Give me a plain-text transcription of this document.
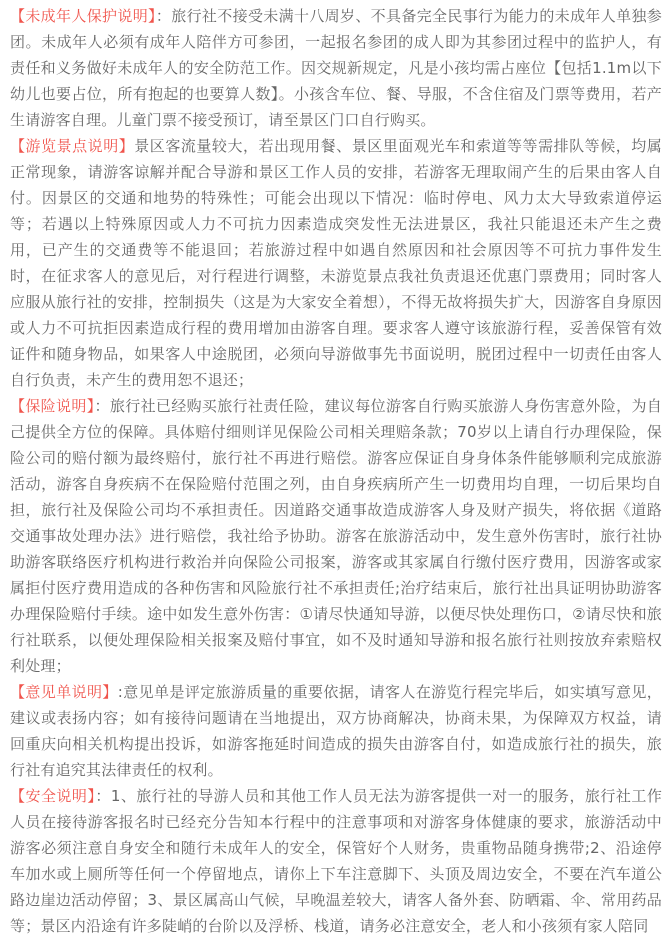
【未成年人保护说明】：旅行社不接受未满十八周岁、不具备完全民事行为能力的未成年人单独参团。未成年人必须有成年人陪伴方可参团，一起报名参团的成人即为其参团过程中的监护人，有责任和义务做好未成年人的安全防范工作。因交规新规定，凡是小孩均需占座位【包括1.1m以下幼儿也要占位，所有抱起的也要算人数】。小孩含车位、餐、导服，不含住宿及门票等费用，若产生请游客自理。儿童门票不接受预订，请至景区门口自行购买。

【游览景点说明】景区客流量较大，若出现用餐、景区里面观光车和索道等等需排队等候，均属正常现象，请游客谅解并配合导游和景区工作人员的安排，若游客无理取闹产生的后果由客人自付。因景区的交通和地势的特殊性；可能会出现以下情况：临时停电、风力太大导致索道停运等；若遇以上特殊原因或人力不可抗力因素造成突发性无法进景区，我社只能退还未产生之费用，已产生的交通费等不能退回；若旅游过程中如遇自然原因和社会原因等不可抗力事件发生时，在征求客人的意见后，对行程进行调整，未游览景点我社负责退还优惠门票费用；同时客人应服从旅行社的安排，控制损失（这是为大家安全着想），不得无故将损失扩大，因游客自身原因或人力不可抗拒因素造成行程的费用增加由游客自理。要求客人遵守该旅游行程，妥善保管有效证件和随身物品，如果客人中途脱团，必须向导游做事先书面说明，脱团过程中一切责任由客人自行负责，未产生的费用恕不退还；

【保险说明】：旅行社已经购买旅行社责任险，建议每位游客自行购买旅游人身伤害意外险，为自己提供全方位的保障。具体赔付细则详见保险公司相关理赔条款；70岁以上请自行办理保险，保险公司的赔付额为最终赔付，旅行社不再进行赔偿。游客应保证自身身体条件能够顺利完成旅游活动，游客自身疾病不在保险赔付范围之列，由自身疾病所产生一切费用均自理，一切后果均自担，旅行社及保险公司均不承担责任。因道路交通事故造成游客人身及财产损失，将依据《道路交通事故处理办法》进行赔偿，我社给予协助。游客在旅游活动中，发生意外伤害时，旅行社协助游客联络医疗机构进行救治并向保险公司报案，游客或其家属自行缴付医疗费用，因游客或家属拒付医疗费用造成的各种伤害和风险旅行社不承担责任;治疗结束后，旅行社出具证明协助游客办理保险赔付手续。途中如发生意外伤害：①请尽快通知导游，以便尽快处理伤口，②请尽快和旅行社联系，以便处理保险相关报案及赔付事宜，如不及时通知导游和报名旅行社则按放弃索赔权利处理；

【意见单说明】:意见单是评定旅游质量的重要依据，请客人在游览行程完毕后，如实填写意见，建议或表扬内容；如有接待问题请在当地提出，双方协商解决，协商未果，为保障双方权益，请回重庆向相关机构提出投诉，如游客拖延时间造成的损失由游客自付，如造成旅行社的损失，旅行社有追究其法律责任的权利。

【安全说明】：1、旅行社的导游人员和其他工作人员无法为游客提供一对一的服务，旅行社工作人员在接待游客报名时已经充分告知本行程中的注意事项和对游客身体健康的要求，旅游活动中游客必须注意自身安全和随行未成年人的安全，保管好个人财务，贵重物品随身携带;2、沿途停车加水或上厕所等任何一个停留地点，请你上下车注意脚下、头顶及周边安全，不要在汽车道公路边崖边活动停留；3、景区属高山气候，早晚温差较大，请客人备外套、防晒霜、伞、常用药品等；景区内沿途有许多陡峭的台阶以及浮桥、栈道，请务必注意安全，老人和小孩须有家人陪同
